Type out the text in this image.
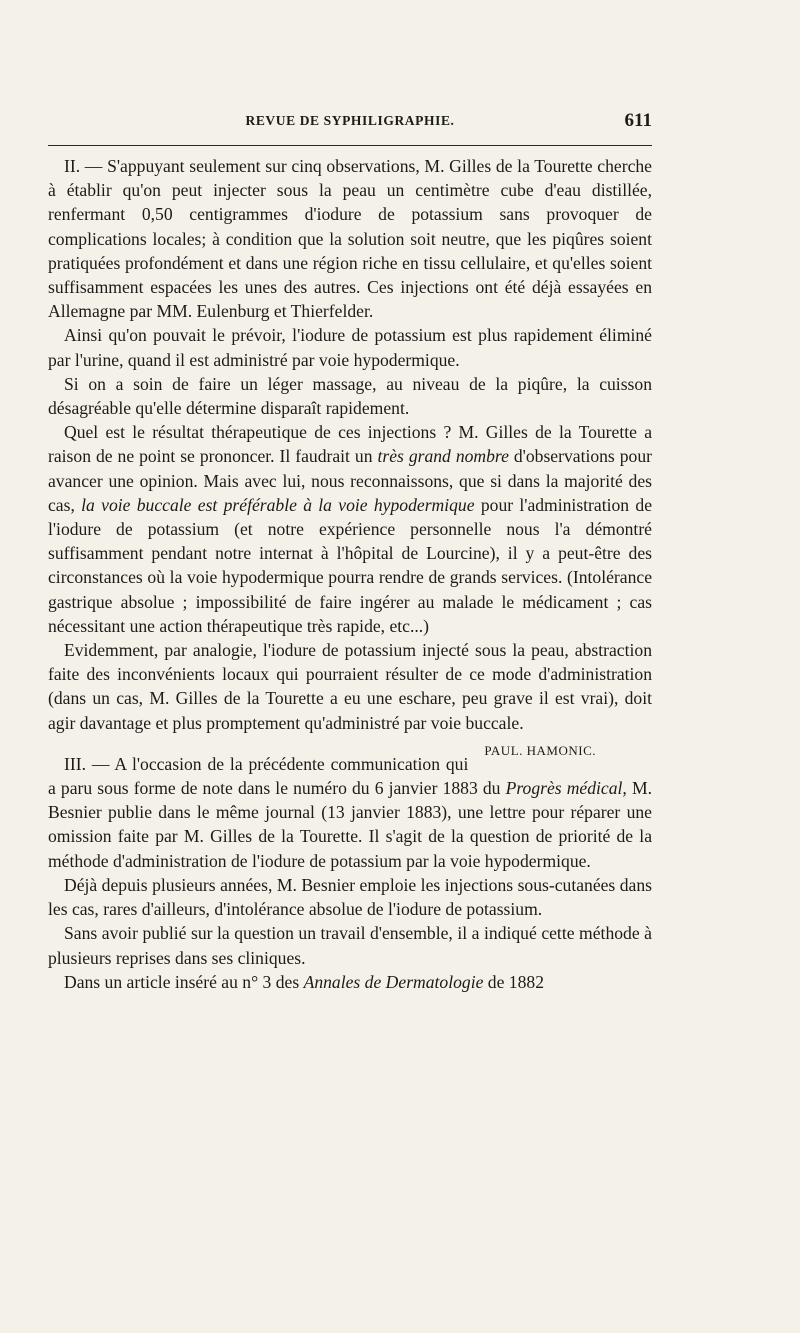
REVUE DE SYPHILIGRAPHIE.	611

II. — S'appuyant seulement sur cinq observations, M. Gilles de la Tourette cherche à établir qu'on peut injecter sous la peau un centimètre cube d'eau distillée, renfermant 0,50 centigrammes d'iodure de potassium sans provoquer de complications locales; à condition que la solution soit neutre, que les piqûres soient pratiquées profondément et dans une région riche en tissu cellulaire, et qu'elles soient suffisamment espacées les unes des autres. Ces injections ont été déjà essayées en Allemagne par MM. Eulenburg et Thierfelder.

Ainsi qu'on pouvait le prévoir, l'iodure de potassium est plus rapidement éliminé par l'urine, quand il est administré par voie hypodermique.

Si on a soin de faire un léger massage, au niveau de la piqûre, la cuisson désagréable qu'elle détermine disparaît rapidement.

Quel est le résultat thérapeutique de ces injections ? M. Gilles de la Tourette a raison de ne point se prononcer. Il faudrait un très grand nombre d'observations pour avancer une opinion. Mais avec lui, nous reconnaissons, que si dans la majorité des cas, la voie buccale est préférable à la voie hypodermique pour l'administration de l'iodure de potassium (et notre expérience personnelle nous l'a démontré suffisamment pendant notre internat à l'hôpital de Lourcine), il y a peut-être des circonstances où la voie hypodermique pourra rendre de grands services. (Intolérance gastrique absolue ; impossibilité de faire ingérer au malade le médicament ; cas nécessitant une action thérapeutique très rapide, etc...)

Evidemment, par analogie, l'iodure de potassium injecté sous la peau, abstraction faite des inconvénients locaux qui pourraient résulter de ce mode d'administration (dans un cas, M. Gilles de la Tourette a eu une eschare, peu grave il est vrai), doit agir davantage et plus promptement qu'administré par voie buccale.
PAUL. HAMONIC.

III. — A l'occasion de la précédente communication qui a paru sous forme de note dans le numéro du 6 janvier 1883 du Progrès médical, M. Besnier publie dans le même journal (13 janvier 1883), une lettre pour réparer une omission faite par M. Gilles de la Tourette. Il s'agit de la question de priorité de la méthode d'administration de l'iodure de potassium par la voie hypodermique.

Déjà depuis plusieurs années, M. Besnier emploie les injections sous-cutanées dans les cas, rares d'ailleurs, d'intolérance absolue de l'iodure de potassium.

Sans avoir publié sur la question un travail d'ensemble, il a indiqué cette méthode à plusieurs reprises dans ses cliniques.

Dans un article inséré au n° 3 des Annales de Dermatologie de 1882
